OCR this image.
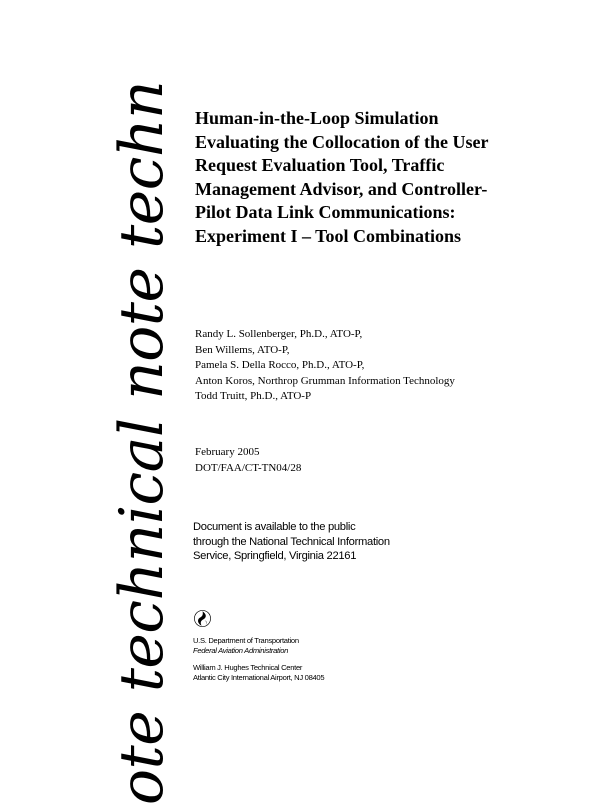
ote technical note techn Human-in-the-Loop Simulation
Evaluating the Collocation of the User
Request Evaluation Tool, Traffic
Management Advisor, and Controller-
Pilot Data Link Communications:
Experiment I – Tool Combinations
Randy L. Sollenberger, Ph.D., ATO-P,
Ben Willems, ATO-P,
Pamela S. Della Rocco, Ph.D., ATO-P,
Anton Koros, Northrop Grumman Information Technology
Todd Truitt, Ph.D., ATO-P
February 2005
DOT/FAA/CT-TN04/28
Document is available to the public
through the National Technical Information
Service, Springfield, Virginia 22161
U.S. Department of Transportation
Federal Aviation Administration
William J. Hughes Technical Center
Atlantic City International Airport, NJ 08405
